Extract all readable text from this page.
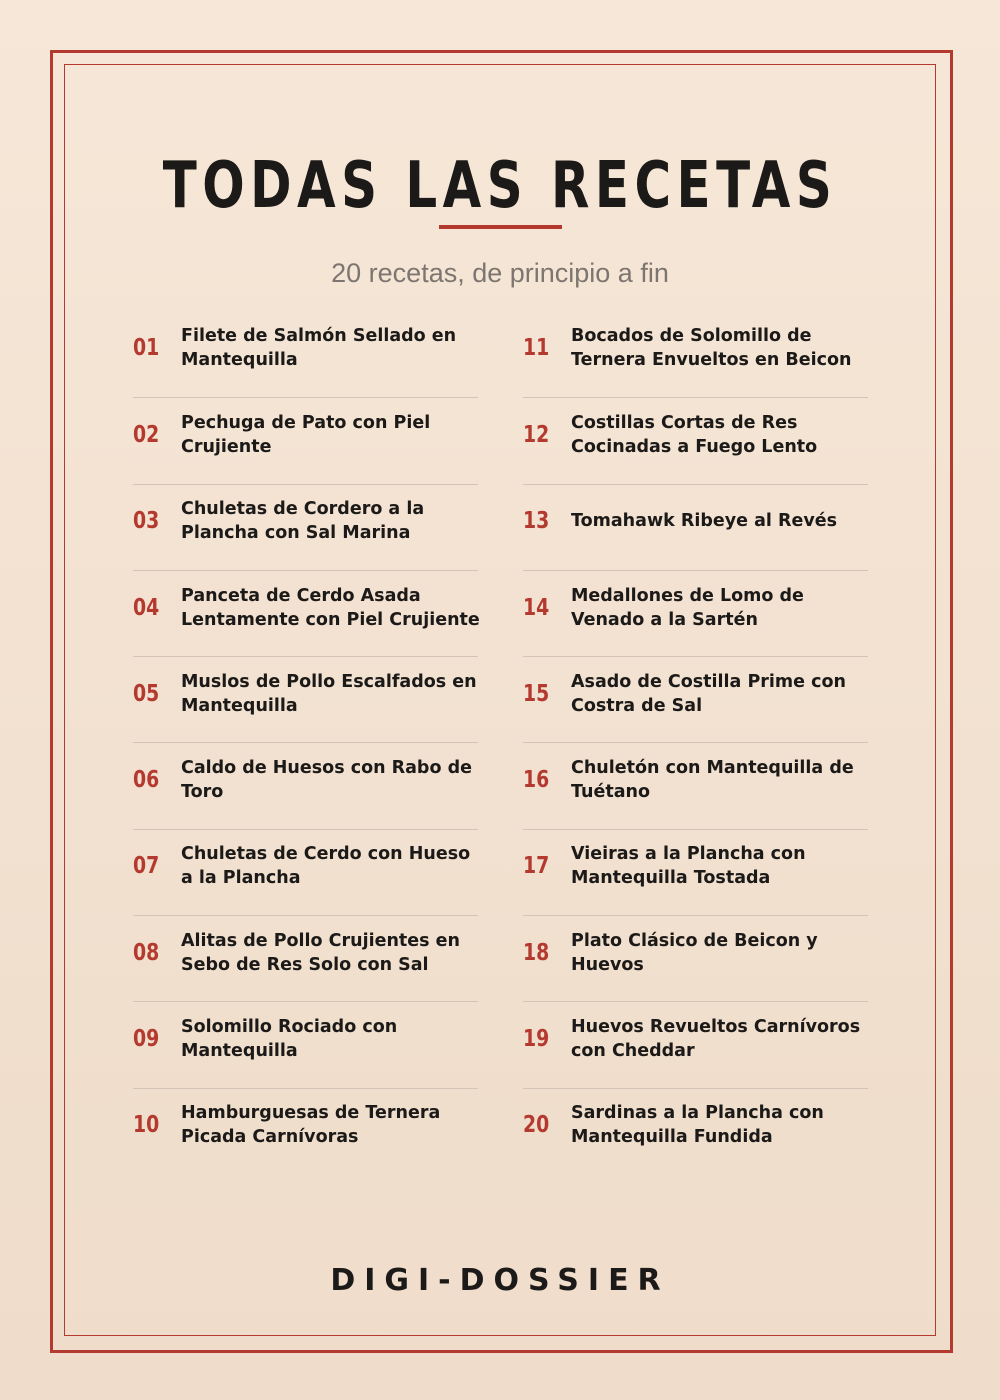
TODAS LAS RECETAS
20 recetas, de principio a fin
01	Filete de Salmón Sellado en Mantequilla
02	Pechuga de Pato con Piel Crujiente
03	Chuletas de Cordero a la Plancha con Sal Marina
04	Panceta de Cerdo Asada Lentamente con Piel Crujiente
05	Muslos de Pollo Escalfados en Mantequilla
06	Caldo de Huesos con Rabo de Toro
07	Chuletas de Cerdo con Hueso a la Plancha
08	Alitas de Pollo Crujientes en Sebo de Res Solo con Sal
09	Solomillo Rociado con Mantequilla
10	Hamburguesas de Ternera Picada Carnívoras
11	Bocados de Solomillo de Ternera Envueltos en Beicon
12	Costillas Cortas de Res Cocinadas a Fuego Lento
13	Tomahawk Ribeye al Revés
14	Medallones de Lomo de Venado a la Sartén
15	Asado de Costilla Prime con Costra de Sal
16	Chuletón con Mantequilla de Tuétano
17	Vieiras a la Plancha con Mantequilla Tostada
18	Plato Clásico de Beicon y Huevos
19	Huevos Revueltos Carnívoros con Cheddar
20	Sardinas a la Plancha con Mantequilla Fundida
DIGI-DOSSIER
